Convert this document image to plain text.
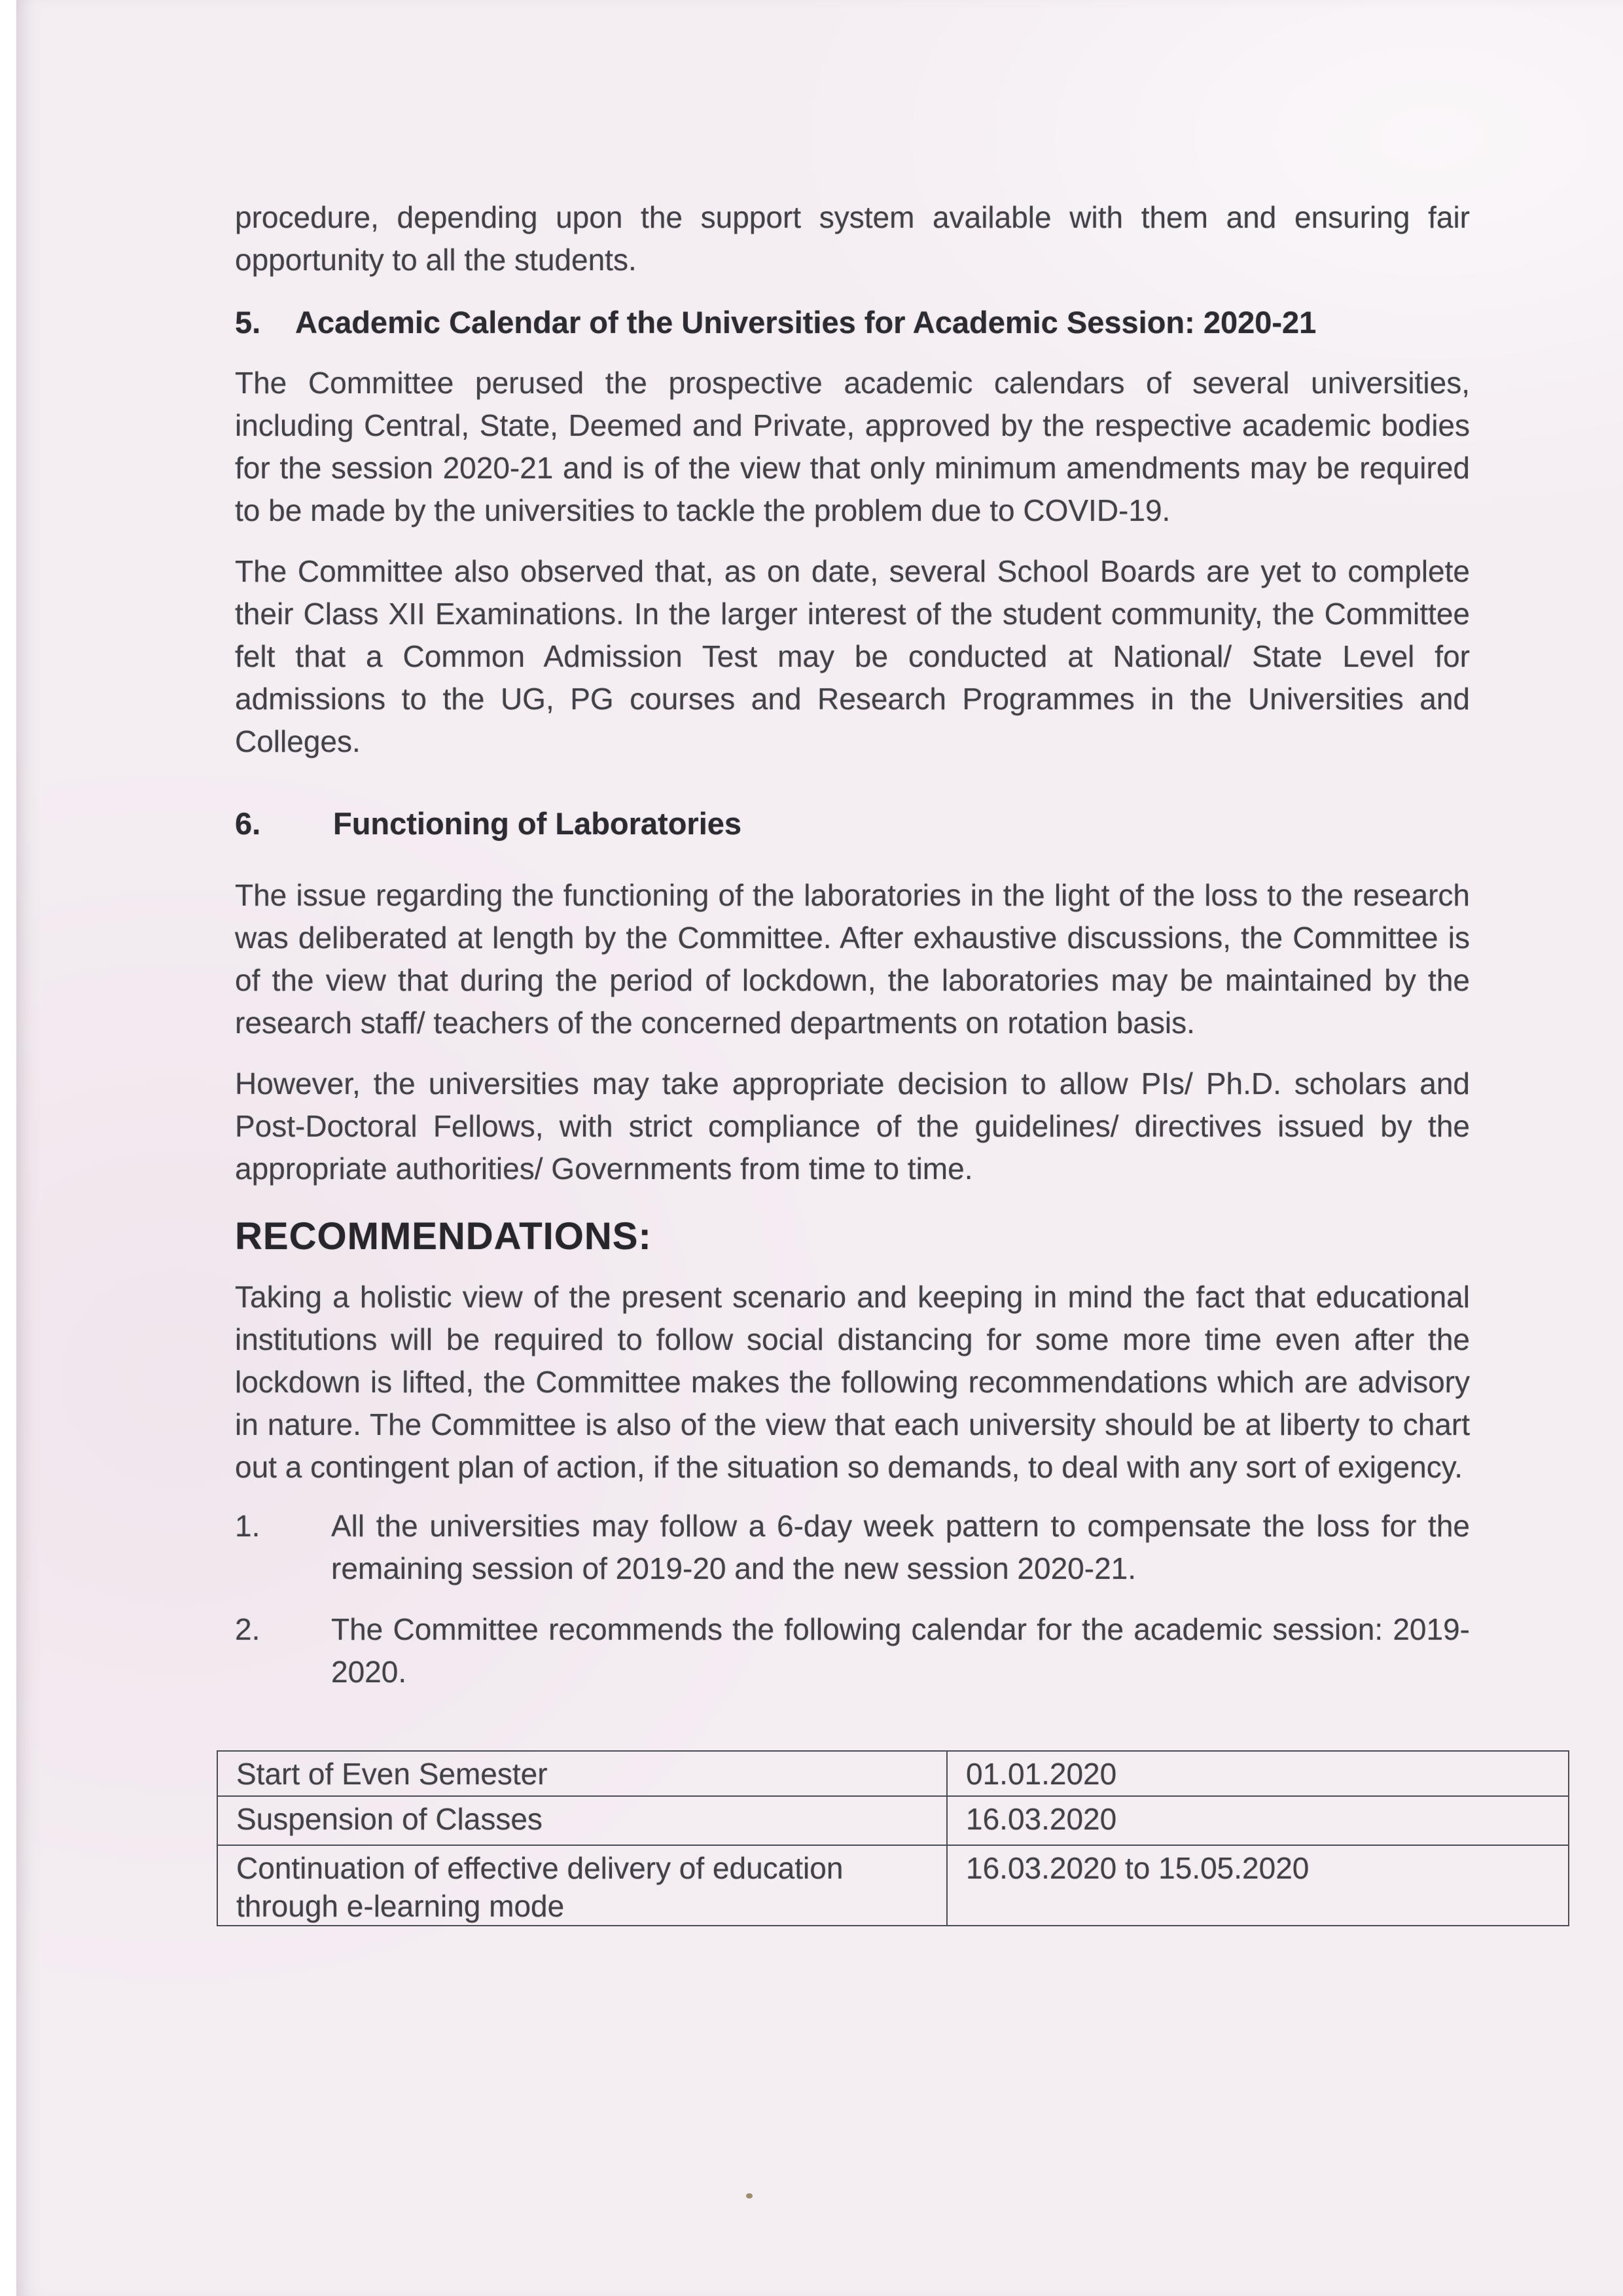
procedure, depending upon the support system available with them and ensuring fair opportunity to all the students.

5.	Academic Calendar of the Universities for Academic Session: 2020-21

The Committee perused the prospective academic calendars of several universities, including Central, State, Deemed and Private, approved by the respective academic bodies for the session 2020-21 and is of the view that only minimum amendments may be required to be made by the universities to tackle the problem due to COVID-19.

The Committee also observed that, as on date, several School Boards are yet to complete their Class XII Examinations. In the larger interest of the student community, the Committee felt that a Common Admission Test may be conducted at National/ State Level for admissions to the UG, PG courses and Research Programmes in the Universities and Colleges.

6.	Functioning of Laboratories

The issue regarding the functioning of the laboratories in the light of the loss to the research was deliberated at length by the Committee. After exhaustive discussions, the Committee is of the view that during the period of lockdown, the laboratories may be maintained by the research staff/ teachers of the concerned departments on rotation basis.

However, the universities may take appropriate decision to allow PIs/ Ph.D. scholars and Post-Doctoral Fellows, with strict compliance of the guidelines/ directives issued by the appropriate authorities/ Governments from time to time.

RECOMMENDATIONS:

Taking a holistic view of the present scenario and keeping in mind the fact that educational institutions will be required to follow social distancing for some more time even after the lockdown is lifted, the Committee makes the following recommendations which are advisory in nature. The Committee is also of the view that each university should be at liberty to chart out a contingent plan of action, if the situation so demands, to deal with any sort of exigency.

1.	All the universities may follow a 6-day week pattern to compensate the loss for the remaining session of 2019-20 and the new session 2020-21.
2.	The Committee recommends the following calendar for the academic session: 2019-2020.
Start of Even Semester	01.01.2020
Suspension of Classes	16.03.2020
Continuation of effective delivery of education through e-learning mode	16.03.2020 to 15.05.2020
